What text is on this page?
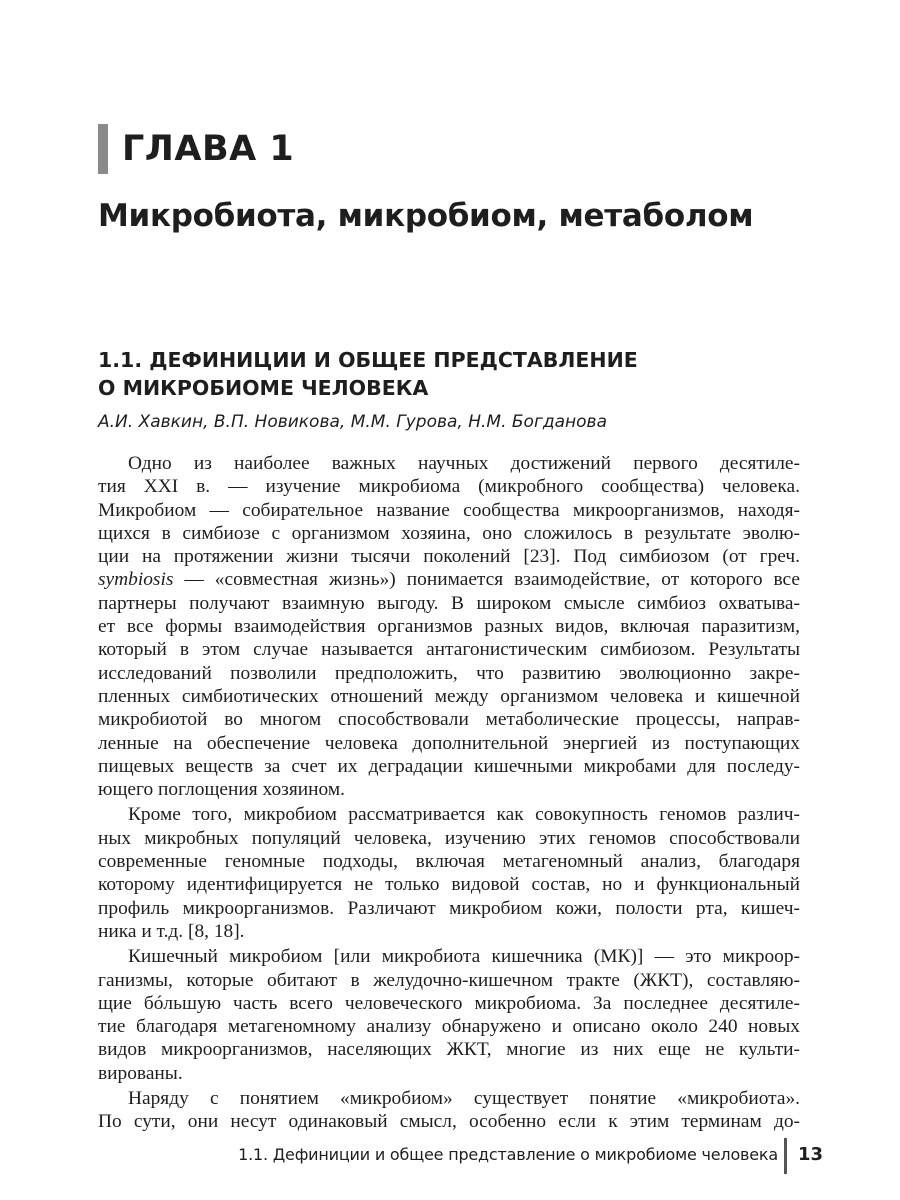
ГЛАВА 1
Микробиота, микробиом, метаболом
1.1. ДЕФИНИЦИИ И ОБЩЕЕ ПРЕДСТАВЛЕНИЕ
О МИКРОБИОМЕ ЧЕЛОВЕКА
А.И. Хавкин, В.П. Новикова, М.М. Гурова, Н.М. Богданова
Одно из наиболее важных научных достижений первого десятиле-
тия XXI в. — изучение микробиома (микробного сообщества) человека.
Микробиом — собирательное название сообщества микроорганизмов, находя-
щихся в симбиозе с организмом хозяина, оно сложилось в результате эволю-
ции на протяжении жизни тысячи поколений [23]. Под симбиозом (от греч.
symbiosis — «совместная жизнь») понимается взаимодействие, от которого все
партнеры получают взаимную выгоду. В широком смысле симбиоз охватыва-
ет все формы взаимодействия организмов разных видов, включая паразитизм,
который в этом случае называется антагонистическим симбиозом. Результаты
исследований позволили предположить, что развитию эволюционно закре-
пленных симбиотических отношений между организмом человека и кишечной
микробиотой во многом способствовали метаболические процессы, направ-
ленные на обеспечение человека дополнительной энергией из поступающих
пищевых веществ за счет их деградации кишечными микробами для последу-
ющего поглощения хозяином.
Кроме того, микробиом рассматривается как совокупность геномов различ-
ных микробных популяций человека, изучению этих геномов способствовали
современные геномные подходы, включая метагеномный анализ, благодаря
которому идентифицируется не только видовой состав, но и функциональный
профиль микроорганизмов. Различают микробиом кожи, полости рта, кишеч-
ника и т.д. [8, 18].
Кишечный микробиом [или микробиота кишечника (МК)] — это микроор-
ганизмы, которые обитают в желудочно-кишечном тракте (ЖКТ), составляю-
щие бóльшую часть всего человеческого микробиома. За последнее десятиле-
тие благодаря метагеномному анализу обнаружено и описано около 240 новых
видов микроорганизмов, населяющих ЖКТ, многие из них еще не культи-
вированы.
Наряду с понятием «микробиом» существует понятие «микробиота».
По сути, они несут одинаковый смысл, особенно если к этим терминам до-
1.1. Дефиниции и общее представление о микробиоме человека 13
